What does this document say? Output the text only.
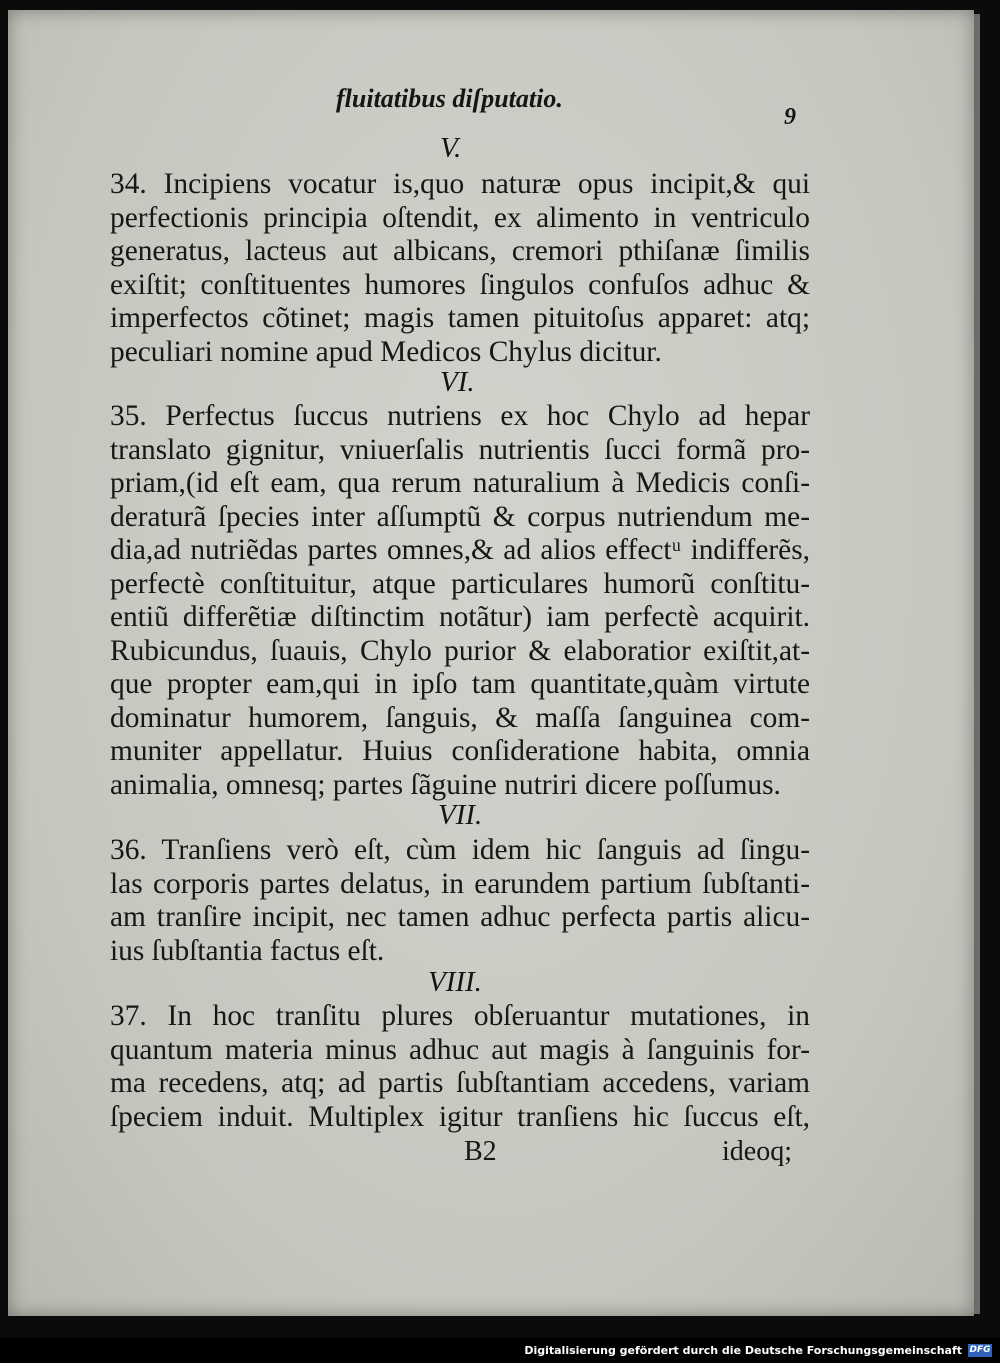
fluitatibus diſputatio.
9
V.
34. Incipiens vocatur is,quo naturæ opus incipit,& qui
perfectionis principia oſtendit, ex alimento in ventriculo
generatus, lacteus aut albicans, cremori pthiſanæ ſimilis
exiſtit; conſtituentes humores ſingulos confuſos adhuc &
imperfectos cõtinet; magis tamen pituitoſus apparet: atq;
peculiari nomine apud Medicos Chylus dicitur.
VI.
35. Perfectus ſuccus nutriens ex hoc Chylo ad hepar
translato gignitur, vniuerſalis nutrientis ſucci formã pro-
priam,(id eſt eam, qua rerum naturalium à Medicis conſi-
deraturã ſpecies inter aſſumptũ & corpus nutriendum me-
dia,ad nutriẽdas partes omnes,& ad alios effectᵘ indifferẽs,
perfectè conſtituitur, atque particulares humorũ conſtitu-
entiũ differẽtiæ diſtinctim notãtur) iam perfectè acquirit.
Rubicundus, ſuauis, Chylo purior & elaboratior exiſtit,at-
que propter eam,qui in ipſo tam quantitate,quàm virtute
dominatur humorem, ſanguis, & maſſa ſanguinea com-
muniter appellatur. Huius conſideratione habita, omnia
animalia, omnesq; partes ſãguine nutriri dicere poſſumus.
VII.
36. Tranſiens verò eſt, cùm idem hic ſanguis ad ſingu-
las corporis partes delatus, in earundem partium ſubſtanti-
am tranſire incipit, nec tamen adhuc perfecta partis alicu-
ius ſubſtantia factus eſt.
VIII.
37. In hoc tranſitu plures obſeruantur mutationes, in
quantum materia minus adhuc aut magis à ſanguinis for-
ma recedens, atq; ad partis ſubſtantiam accedens, variam
ſpeciem induit. Multiplex igitur tranſiens hic ſuccus eſt,
B2	ideoq;
Digitalisierung gefördert durch die Deutsche Forschungsgemeinschaft DFG
